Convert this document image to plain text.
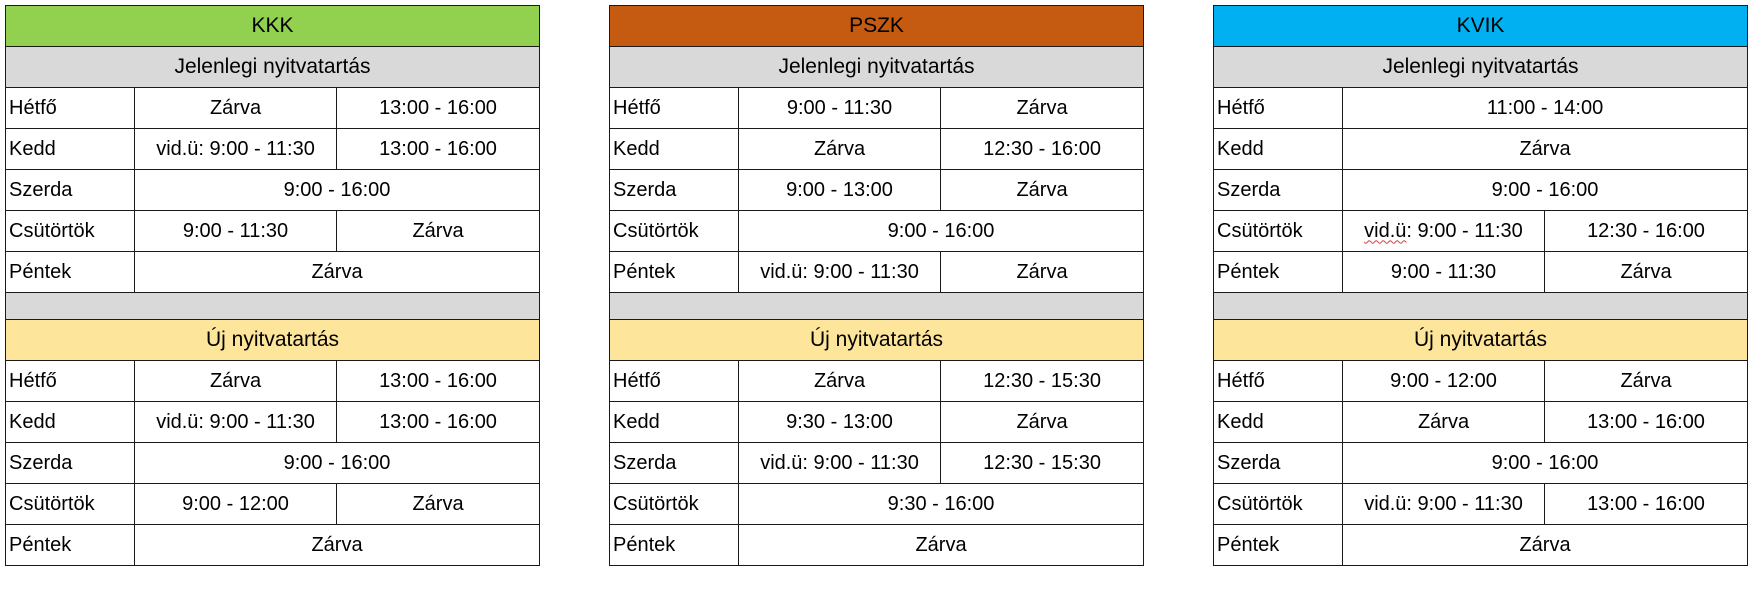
KKK		
Jelenlegi nyitvatartás		
Hétfő	Zárva	13:00 - 16:00
Kedd	vid.ü: 9:00 - 11:30	13:00 - 16:00
Szerda	9:00 - 16:00	
Csütörtök	9:00 - 11:30	Zárva
Péntek	Zárva	

Új nyitvatartás		
Hétfő	Zárva	13:00 - 16:00
Kedd	vid.ü: 9:00 - 11:30	13:00 - 16:00
Szerda	9:00 - 16:00	
Csütörtök	9:00 - 12:00	Zárva
Péntek	Zárva	
PSZK		
Jelenlegi nyitvatartás		
Hétfő	9:00 - 11:30	Zárva
Kedd	Zárva	12:30 - 16:00
Szerda	9:00 - 13:00	Zárva
Csütörtök	9:00 - 16:00	
Péntek	vid.ü: 9:00 - 11:30	Zárva

Új nyitvatartás		
Hétfő	Zárva	12:30 - 15:30
Kedd	9:30 - 13:00	Zárva
Szerda	vid.ü: 9:00 - 11:30	12:30 - 15:30
Csütörtök	9:30 - 16:00	
Péntek	Zárva	
KVIK		
Jelenlegi nyitvatartás		
Hétfő	11:00 - 14:00	
Kedd	Zárva	
Szerda	9:00 - 16:00	
Csütörtök	vid.ü: 9:00 - 11:30	12:30 - 16:00
Péntek	9:00 - 11:30	Zárva

Új nyitvatartás		
Hétfő	9:00 - 12:00	Zárva
Kedd	Zárva	13:00 - 16:00
Szerda	9:00 - 16:00	
Csütörtök	vid.ü: 9:00 - 11:30	13:00 - 16:00
Péntek	Zárva	
